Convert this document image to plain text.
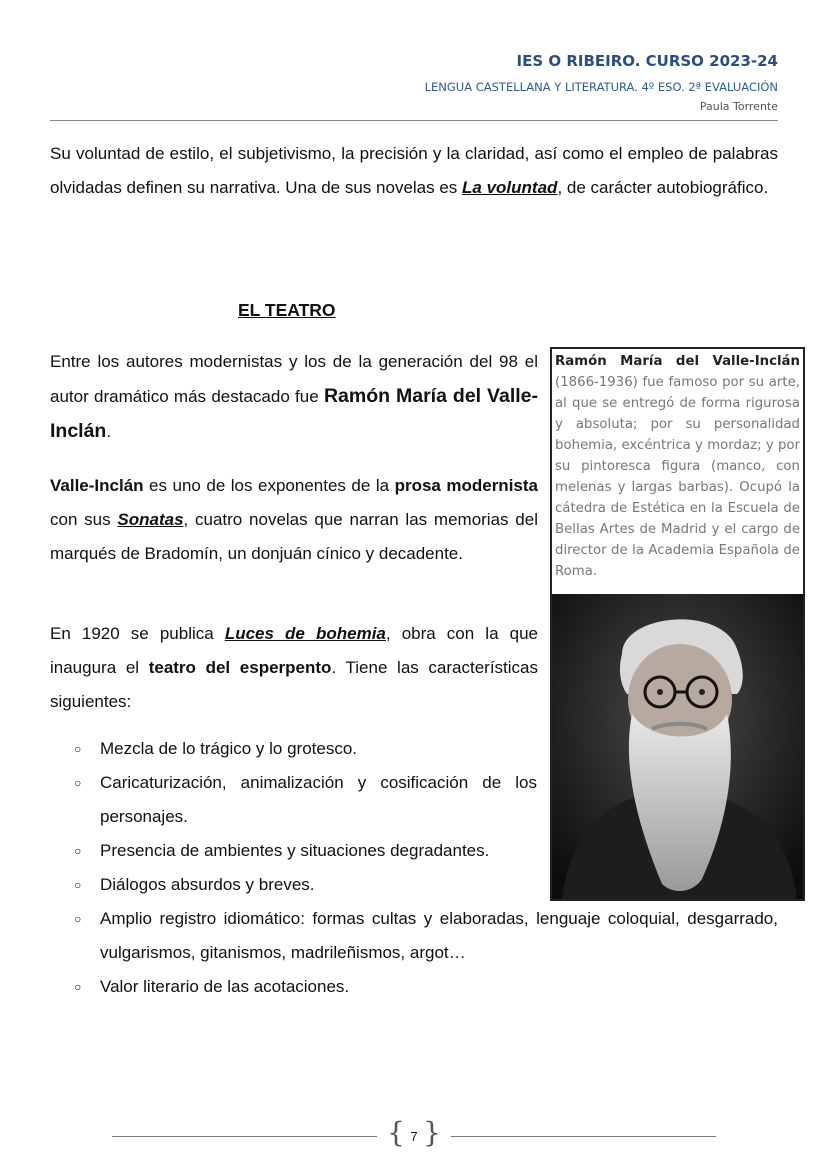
IES O RIBEIRO. CURSO 2023-24
LENGUA CASTELLANA Y LITERATURA. 4º ESO. 2ª EVALUACIÓN
Paula Torrente
Su voluntad de estilo, el subjetivismo, la precisión y la claridad, así como el empleo de palabras olvidadas definen su narrativa. Una de sus novelas es La voluntad, de carácter autobiográfico.
EL TEATRO
Entre los autores modernistas y los de la generación del 98 el autor dramático más destacado fue Ramón María del Valle-Inclán.
Valle-Inclán es uno de los exponentes de la prosa modernista con sus Sonatas, cuatro novelas que narran las memorias del marqués de Bradomín, un donjuán cínico y decadente.
En 1920 se publica Luces de bohemia, obra con la que inaugura el teatro del esperpento. Tiene las características siguientes:
○ Mezcla de lo trágico y lo grotesco.
○ Caricaturización, animalización y cosificación de los personajes.
○ Presencia de ambientes y situaciones degradantes.
○ Diálogos absurdos y breves.
○ Amplio registro idiomático: formas cultas y elaboradas, lenguaje coloquial, desgarrado, vulgarismos, gitanismos, madrileñismos, argot…
○ Valor literario de las acotaciones.
Ramón María del Valle-Inclán (1866-1936) fue famoso por su arte, al que se entregó de forma rigurosa y absoluta; por su personalidad bohemia, excéntrica y mordaz; y por su pintoresca figura (manco, con melenas y largas barbas). Ocupó la cátedra de Estética en la Escuela de Bellas Artes de Madrid y el cargo de director de la Academia Española de Roma.
{ 7 }
